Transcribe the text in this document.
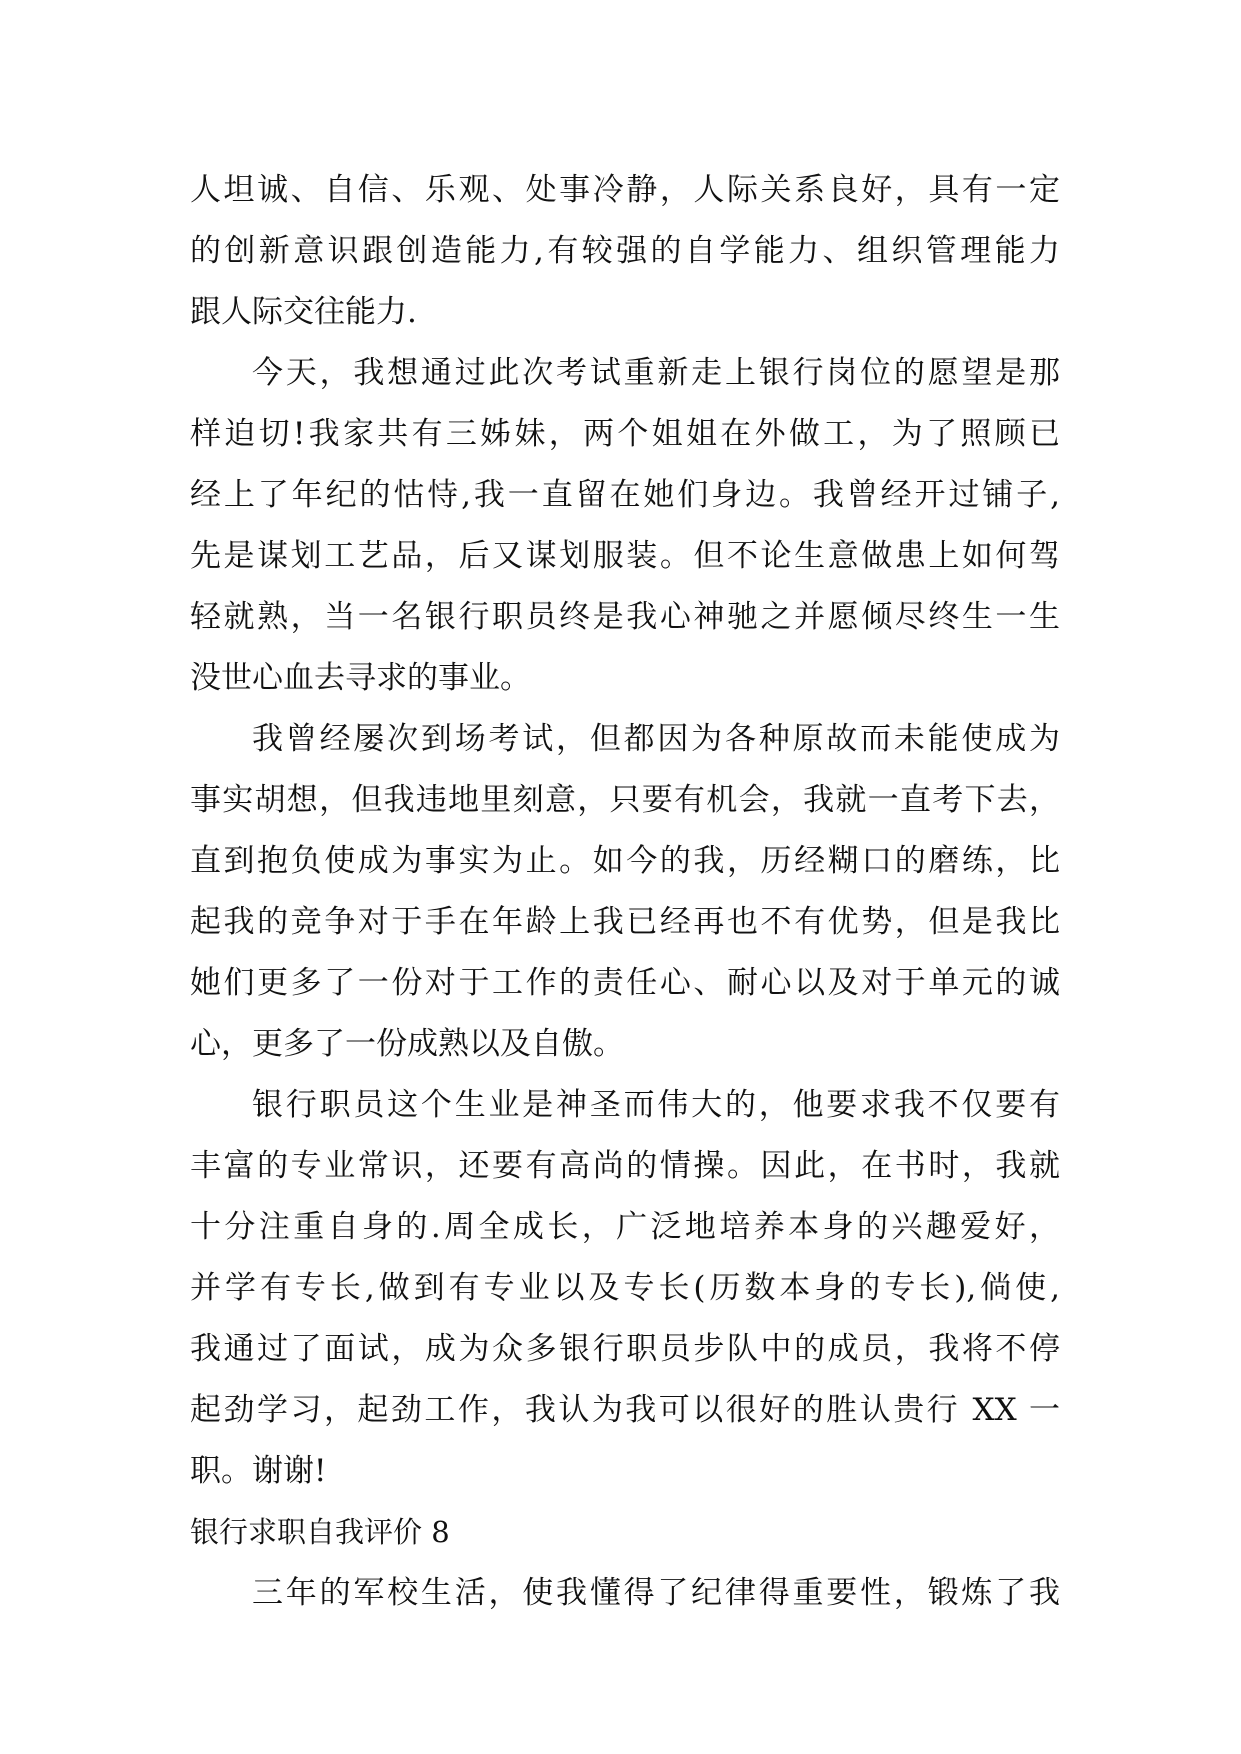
人坦诚、自信、乐观、处事冷静，人际关系良好，具有一定
的创新意识跟创造能力,有较强的自学能力、组织管理能力
跟人际交往能力.
今天，我想通过此次考试重新走上银行岗位的愿望是那
样迫切!我家共有三姊妹，两个姐姐在外做工，为了照顾已
经上了年纪的怙恃,我一直留在她们身边。我曾经开过铺子,
先是谋划工艺品，后又谋划服装。但不论生意做患上如何驾
轻就熟，当一名银行职员终是我心神驰之并愿倾尽终生一生
没世心血去寻求的事业。
我曾经屡次到场考试，但都因为各种原故而未能使成为
事实胡想，但我违地里刻意，只要有机会，我就一直考下去，
直到抱负使成为事实为止。如今的我，历经糊口的磨练，比
起我的竞争对于手在年龄上我已经再也不有优势，但是我比
她们更多了一份对于工作的责任心、耐心以及对于单元的诚
心，更多了一份成熟以及自傲。
银行职员这个生业是神圣而伟大的，他要求我不仅要有
丰富的专业常识，还要有高尚的情操。因此，在书时，我就
十分注重自身的.周全成长，广泛地培养本身的兴趣爱好，
并学有专长,做到有专业以及专长(历数本身的专长),倘使,
我通过了面试，成为众多银行职员步队中的成员，我将不停
起劲学习，起劲工作，我认为我可以很好的胜认贵行 XX 一
职。谢谢!
银行求职自我评价 8
三年的军校生活，使我懂得了纪律得重要性，锻炼了我
